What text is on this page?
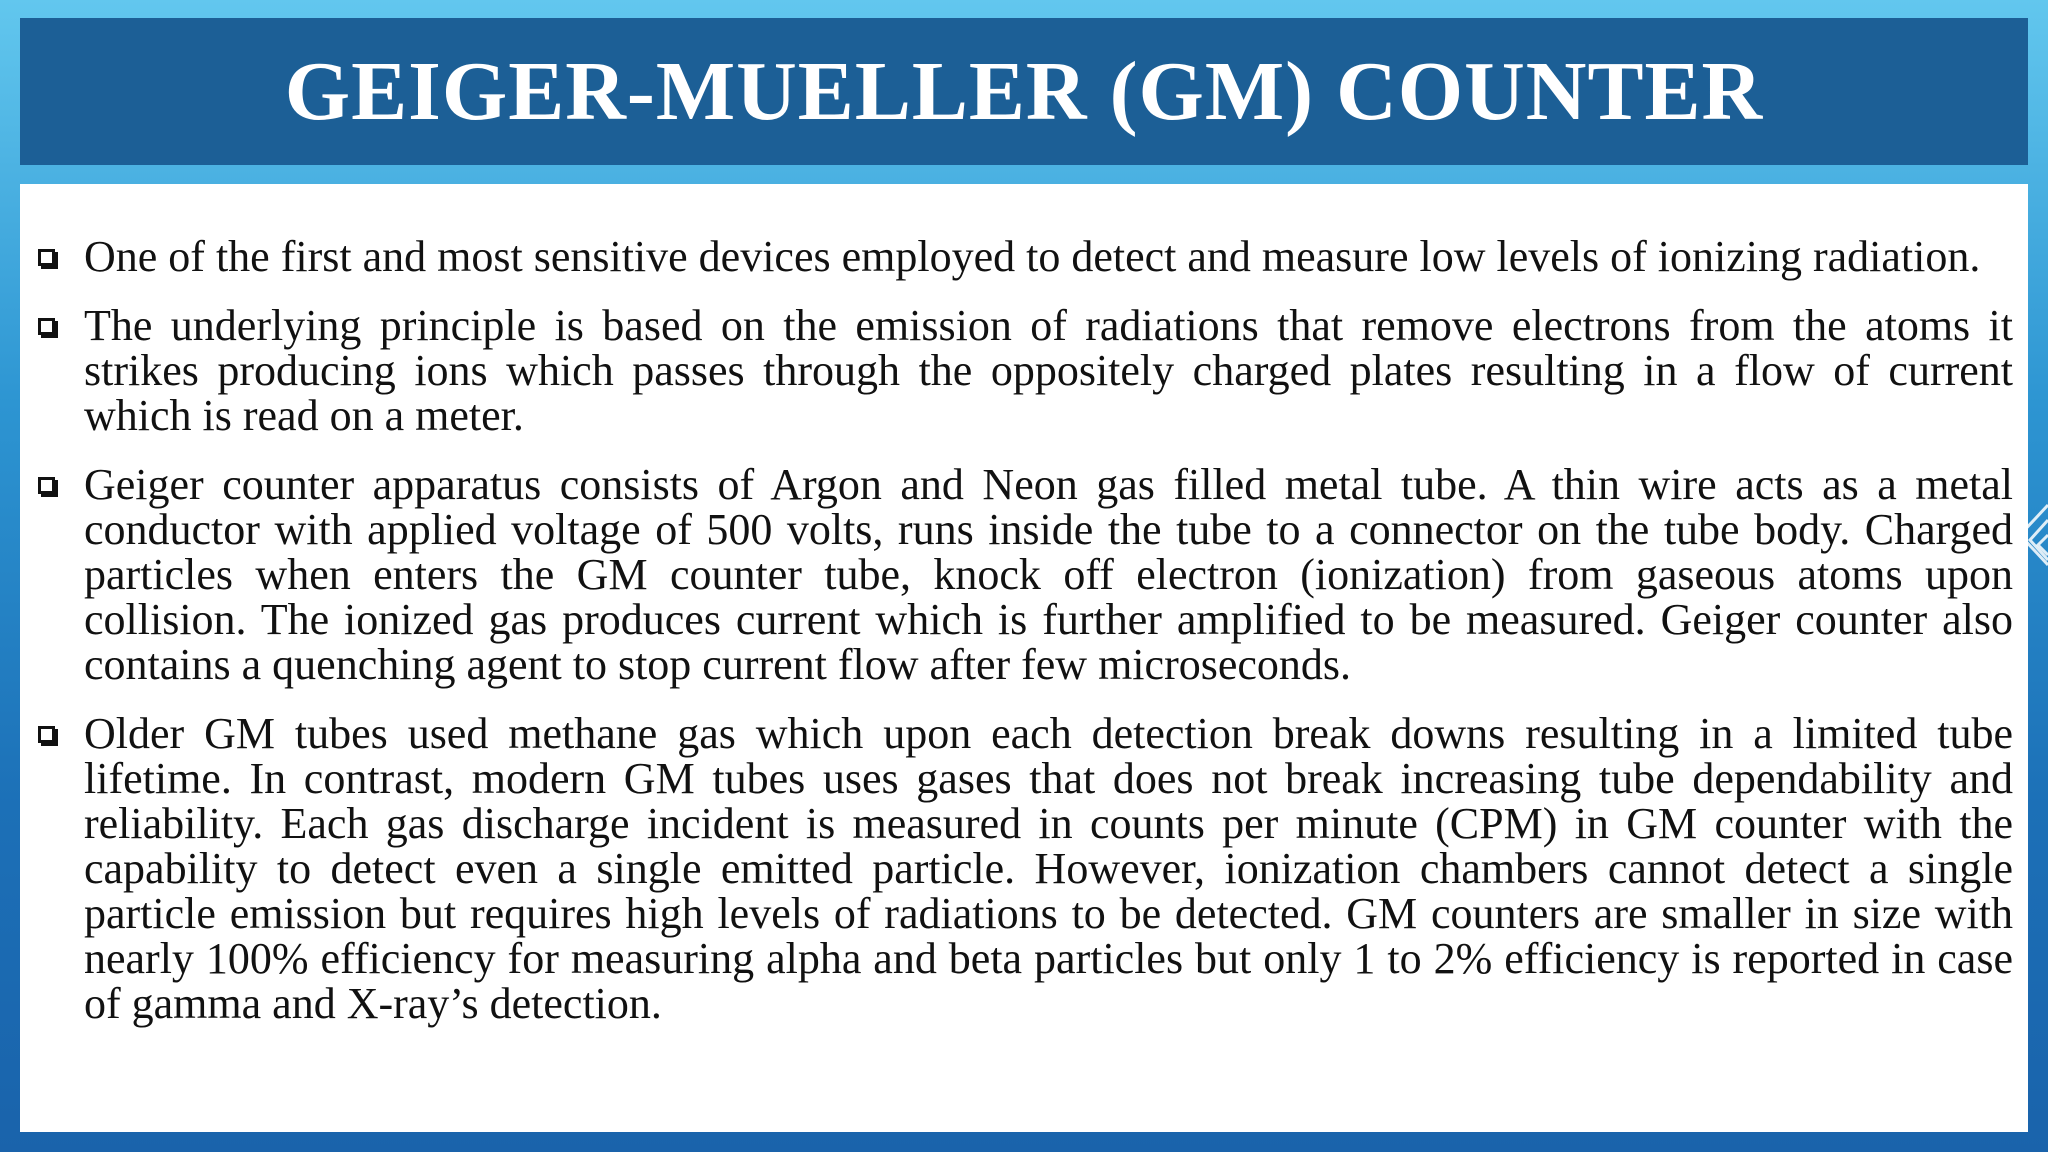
GEIGER-MUELLER (GM) COUNTER
One of the first and most sensitive devices employed to detect and measure low levels of ionizing radiation.
The underlying principle is based on the emission of radiations that remove electrons from the atoms it strikes producing ions which passes through the oppositely charged plates resulting in a flow of current which is read on a meter.
Geiger counter apparatus consists of Argon and Neon gas filled metal tube. A thin wire acts as a metal conductor with applied voltage of 500 volts, runs inside the tube to a connector on the tube body. Charged particles when enters the GM counter tube, knock off electron (ionization) from gaseous atoms upon collision. The ionized gas produces current which is further amplified to be measured. Geiger counter also contains a quenching agent to stop current flow after few microseconds.
Older GM tubes used methane gas which upon each detection break downs resulting in a limited tube lifetime. In contrast, modern GM tubes uses gases that does not break increasing tube dependability and reliability. Each gas discharge incident is measured in counts per minute (CPM) in GM counter with the capability to detect even a single emitted particle. However, ionization chambers cannot detect a single particle emission but requires high levels of radiations to be detected. GM counters are smaller in size with nearly 100% efficiency for measuring alpha and beta particles but only 1 to 2% efficiency is reported in case of gamma and X-ray’s detection.
